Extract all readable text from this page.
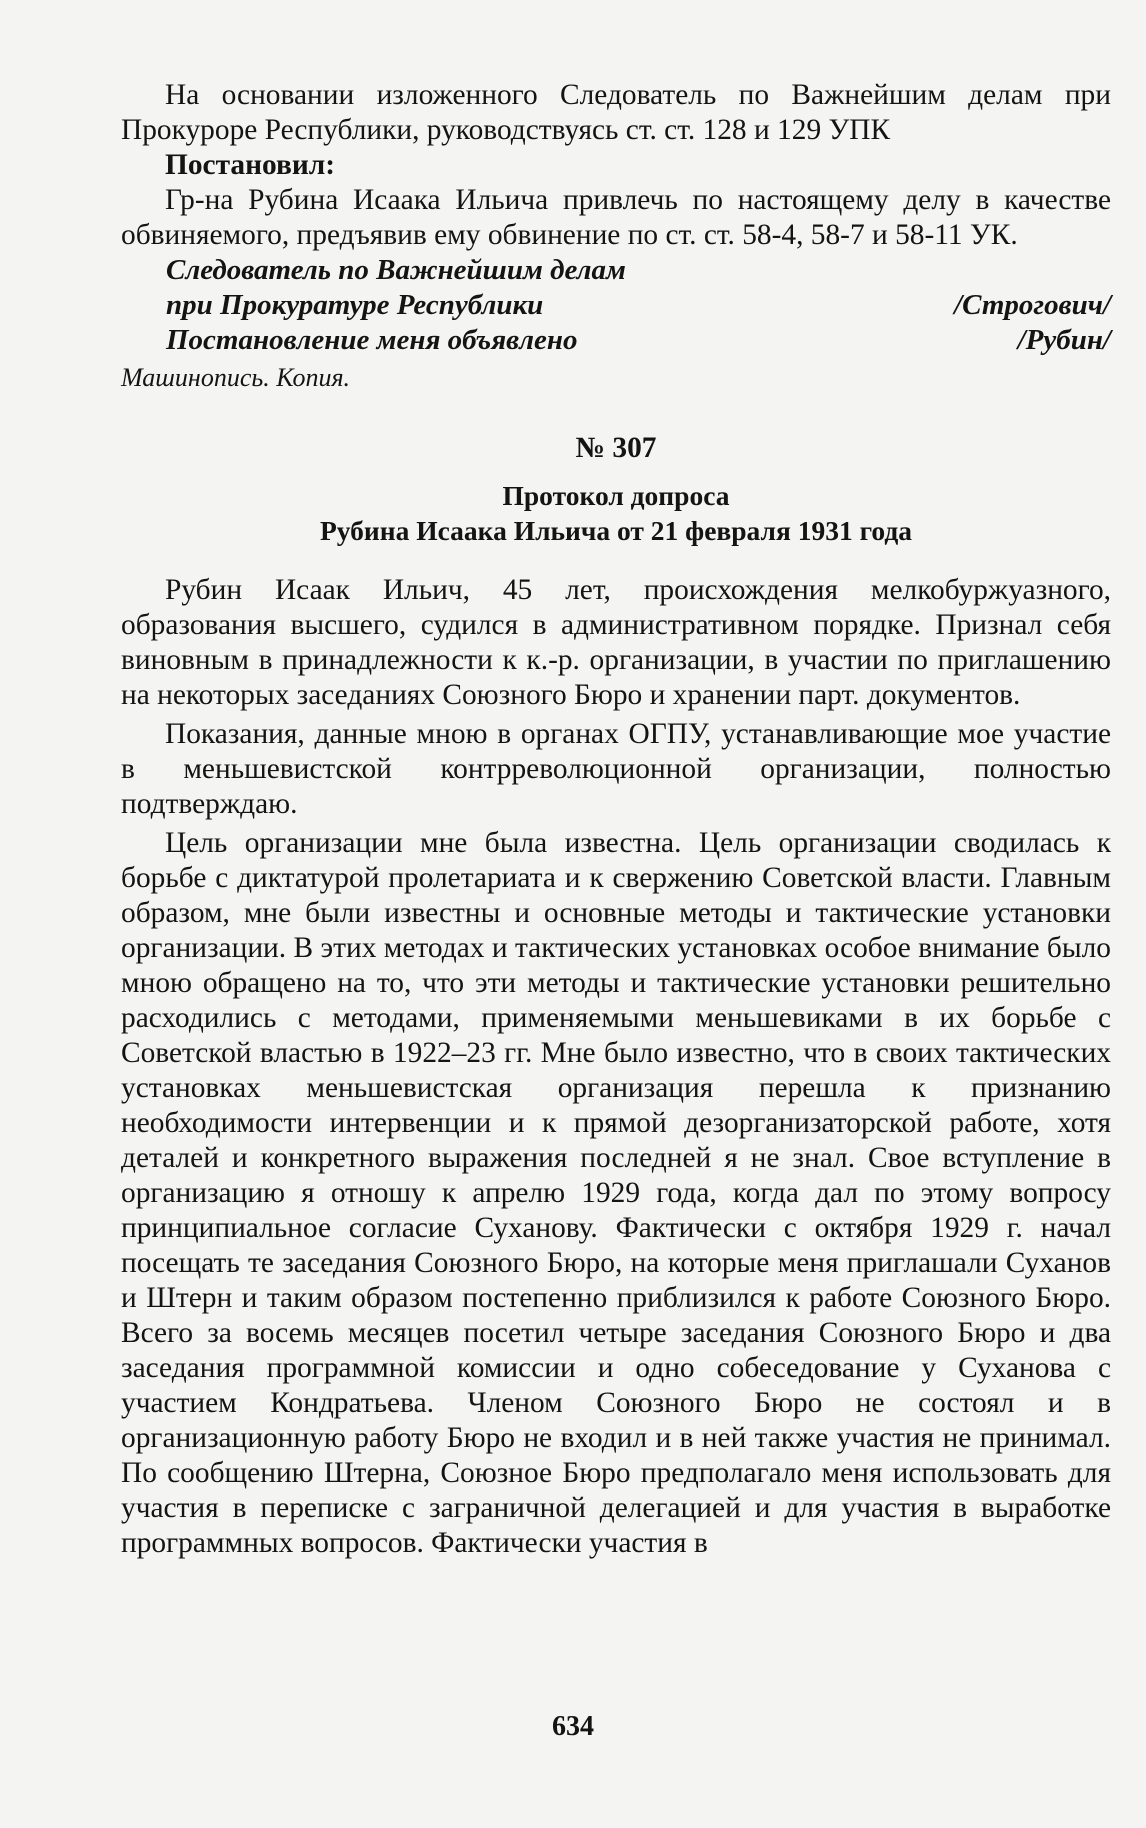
На основании изложенного Следователь по Важнейшим делам при Прокуроре Республики, руководствуясь ст. ст. 128 и 129 УПК

Постановил:

Гр-на Рубина Исаака Ильича привлечь по настоящему делу в качестве обвиняемого, предъявив ему обвинение по ст. ст. 58-4, 58-7 и 58-11 УК.

Следователь по Важнейшим делам
при Прокуратуре Республики	/Строгович/
Постановление меня объявлено	/Рубин/
Машинопись. Копия.
№ 307
Протокол допроса
Рубина Исаака Ильича от 21 февраля 1931 года

Рубин Исаак Ильич, 45 лет, происхождения мелкобуржуазного, образования высшего, судился в административном порядке. Признал себя виновным в принадлежности к к.-р. организации, в участии по приглашению на некоторых заседаниях Союзного Бюро и хранении парт. документов.

Показания, данные мною в органах ОГПУ, устанавливающие мое участие в меньшевистской контрреволюционной организации, полностью подтверждаю.

Цель организации мне была известна. Цель организации сводилась к борьбе с диктатурой пролетариата и к свержению Советской власти. Главным образом, мне были известны и основные методы и тактические установки организации. В этих методах и тактических установках особое внимание было мною обращено на то, что эти методы и тактические установки решительно расходились с методами, применяемыми меньшевиками в их борьбе с Советской властью в 1922–23 гг. Мне было известно, что в своих тактических установках меньшевистская организация перешла к признанию необходимости интервенции и к прямой дезорганизаторской работе, хотя деталей и конкретного выражения последней я не знал. Свое вступление в организацию я отношу к апрелю 1929 года, когда дал по этому вопросу принципиальное согласие Суханову. Фактически с октября 1929 г. начал посещать те заседания Союзного Бюро, на которые меня приглашали Суханов и Штерн и таким образом постепенно приблизился к работе Союзного Бюро. Всего за восемь месяцев посетил четыре заседания Союзного Бюро и два заседания программной комиссии и одно собеседование у Суханова с участием Кондратьева. Членом Союзного Бюро не состоял и в организационную работу Бюро не входил и в ней также участия не принимал. По сообщению Штерна, Союзное Бюро предполагало меня использовать для участия в переписке с заграничной делегацией и для участия в выработке программных вопросов. Фактически участия в

634
